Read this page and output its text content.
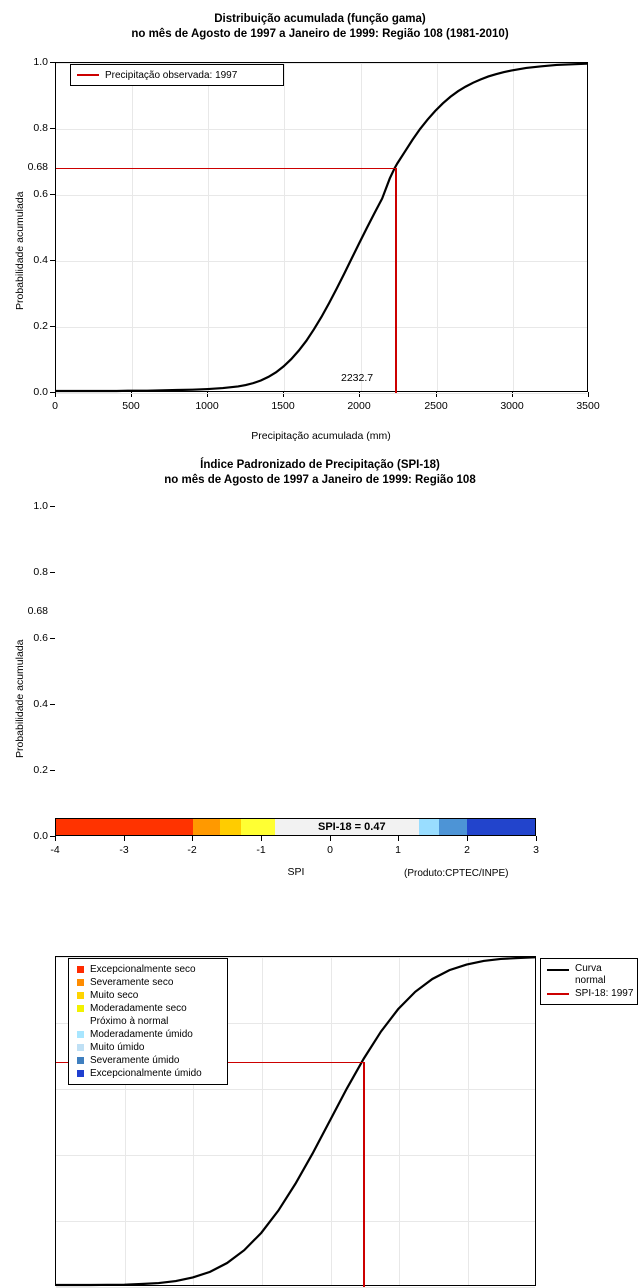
Distribuição acumulada (função gama)
no mês de Agosto de 1997 a Janeiro de 1999: Região 108 (1981-2010)
Probabilidade acumulada
0.0
0.2
0.4
0.6
0.8
1.0
0.68
0	500	1000	1500	2000	2500	3000	3500
Precipitação acumulada (mm)
2232.7
Precipitação observada: 1997
Índice Padronizado de Precipitação (SPI-18)
no mês de Agosto de 1997 a Janeiro de 1999: Região 108
Probabilidade acumulada
0.0
0.2
0.4
0.6
0.8
1.0
0.68
-4	-3	-2	-1	0	1	2	3
SPI	(Produto:CPTEC/INPE)
Excepcionalmente seco
Severamente seco
Muito seco
Moderadamente seco
Próximo à normal
Moderadamente úmido
Muito úmido
Severamente úmido
Excepcionalmente úmido
Curva normal
SPI-18: 1997
SPI-18 = 0.47
